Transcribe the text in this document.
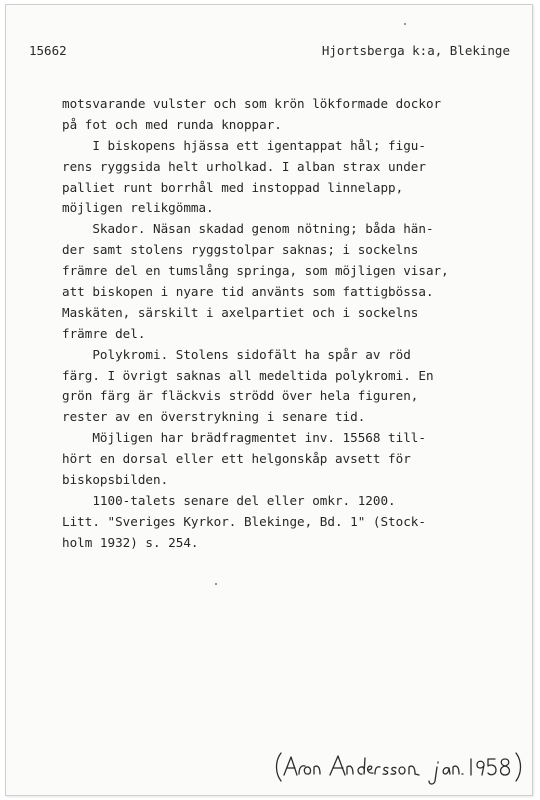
15662	Hjortsberga k:a, Blekinge
motsvarande vulster och som krön lökformade dockor
på fot och med runda knoppar.
I biskopens hjässa ett igentappat hål; figu-
rens ryggsida helt urholkad. I alban strax under
palliet runt borrhål med instoppad linnelapp,
möjligen relikgömma.
Skador. Näsan skadad genom nötning; båda hän-
der samt stolens ryggstolpar saknas; i sockelns
främre del en tumslång springa, som möjligen visar,
att biskopen i nyare tid använts som fattigbössa.
Maskäten, särskilt i axelpartiet och i sockelns
främre del.
Polykromi. Stolens sidofält ha spår av röd
färg. I övrigt saknas all medeltida polykromi. En
grön färg är fläckvis strödd över hela figuren,
rester av en överstrykning i senare tid.
Möjligen har brädfragmentet inv. 15568 till-
hört en dorsal eller ett helgonskåp avsett för
biskopsbilden.
1100-talets senare del eller omkr. 1200.
Litt. "Sveriges Kyrkor. Blekinge, Bd. 1" (Stock-
holm 1932) s. 254.
